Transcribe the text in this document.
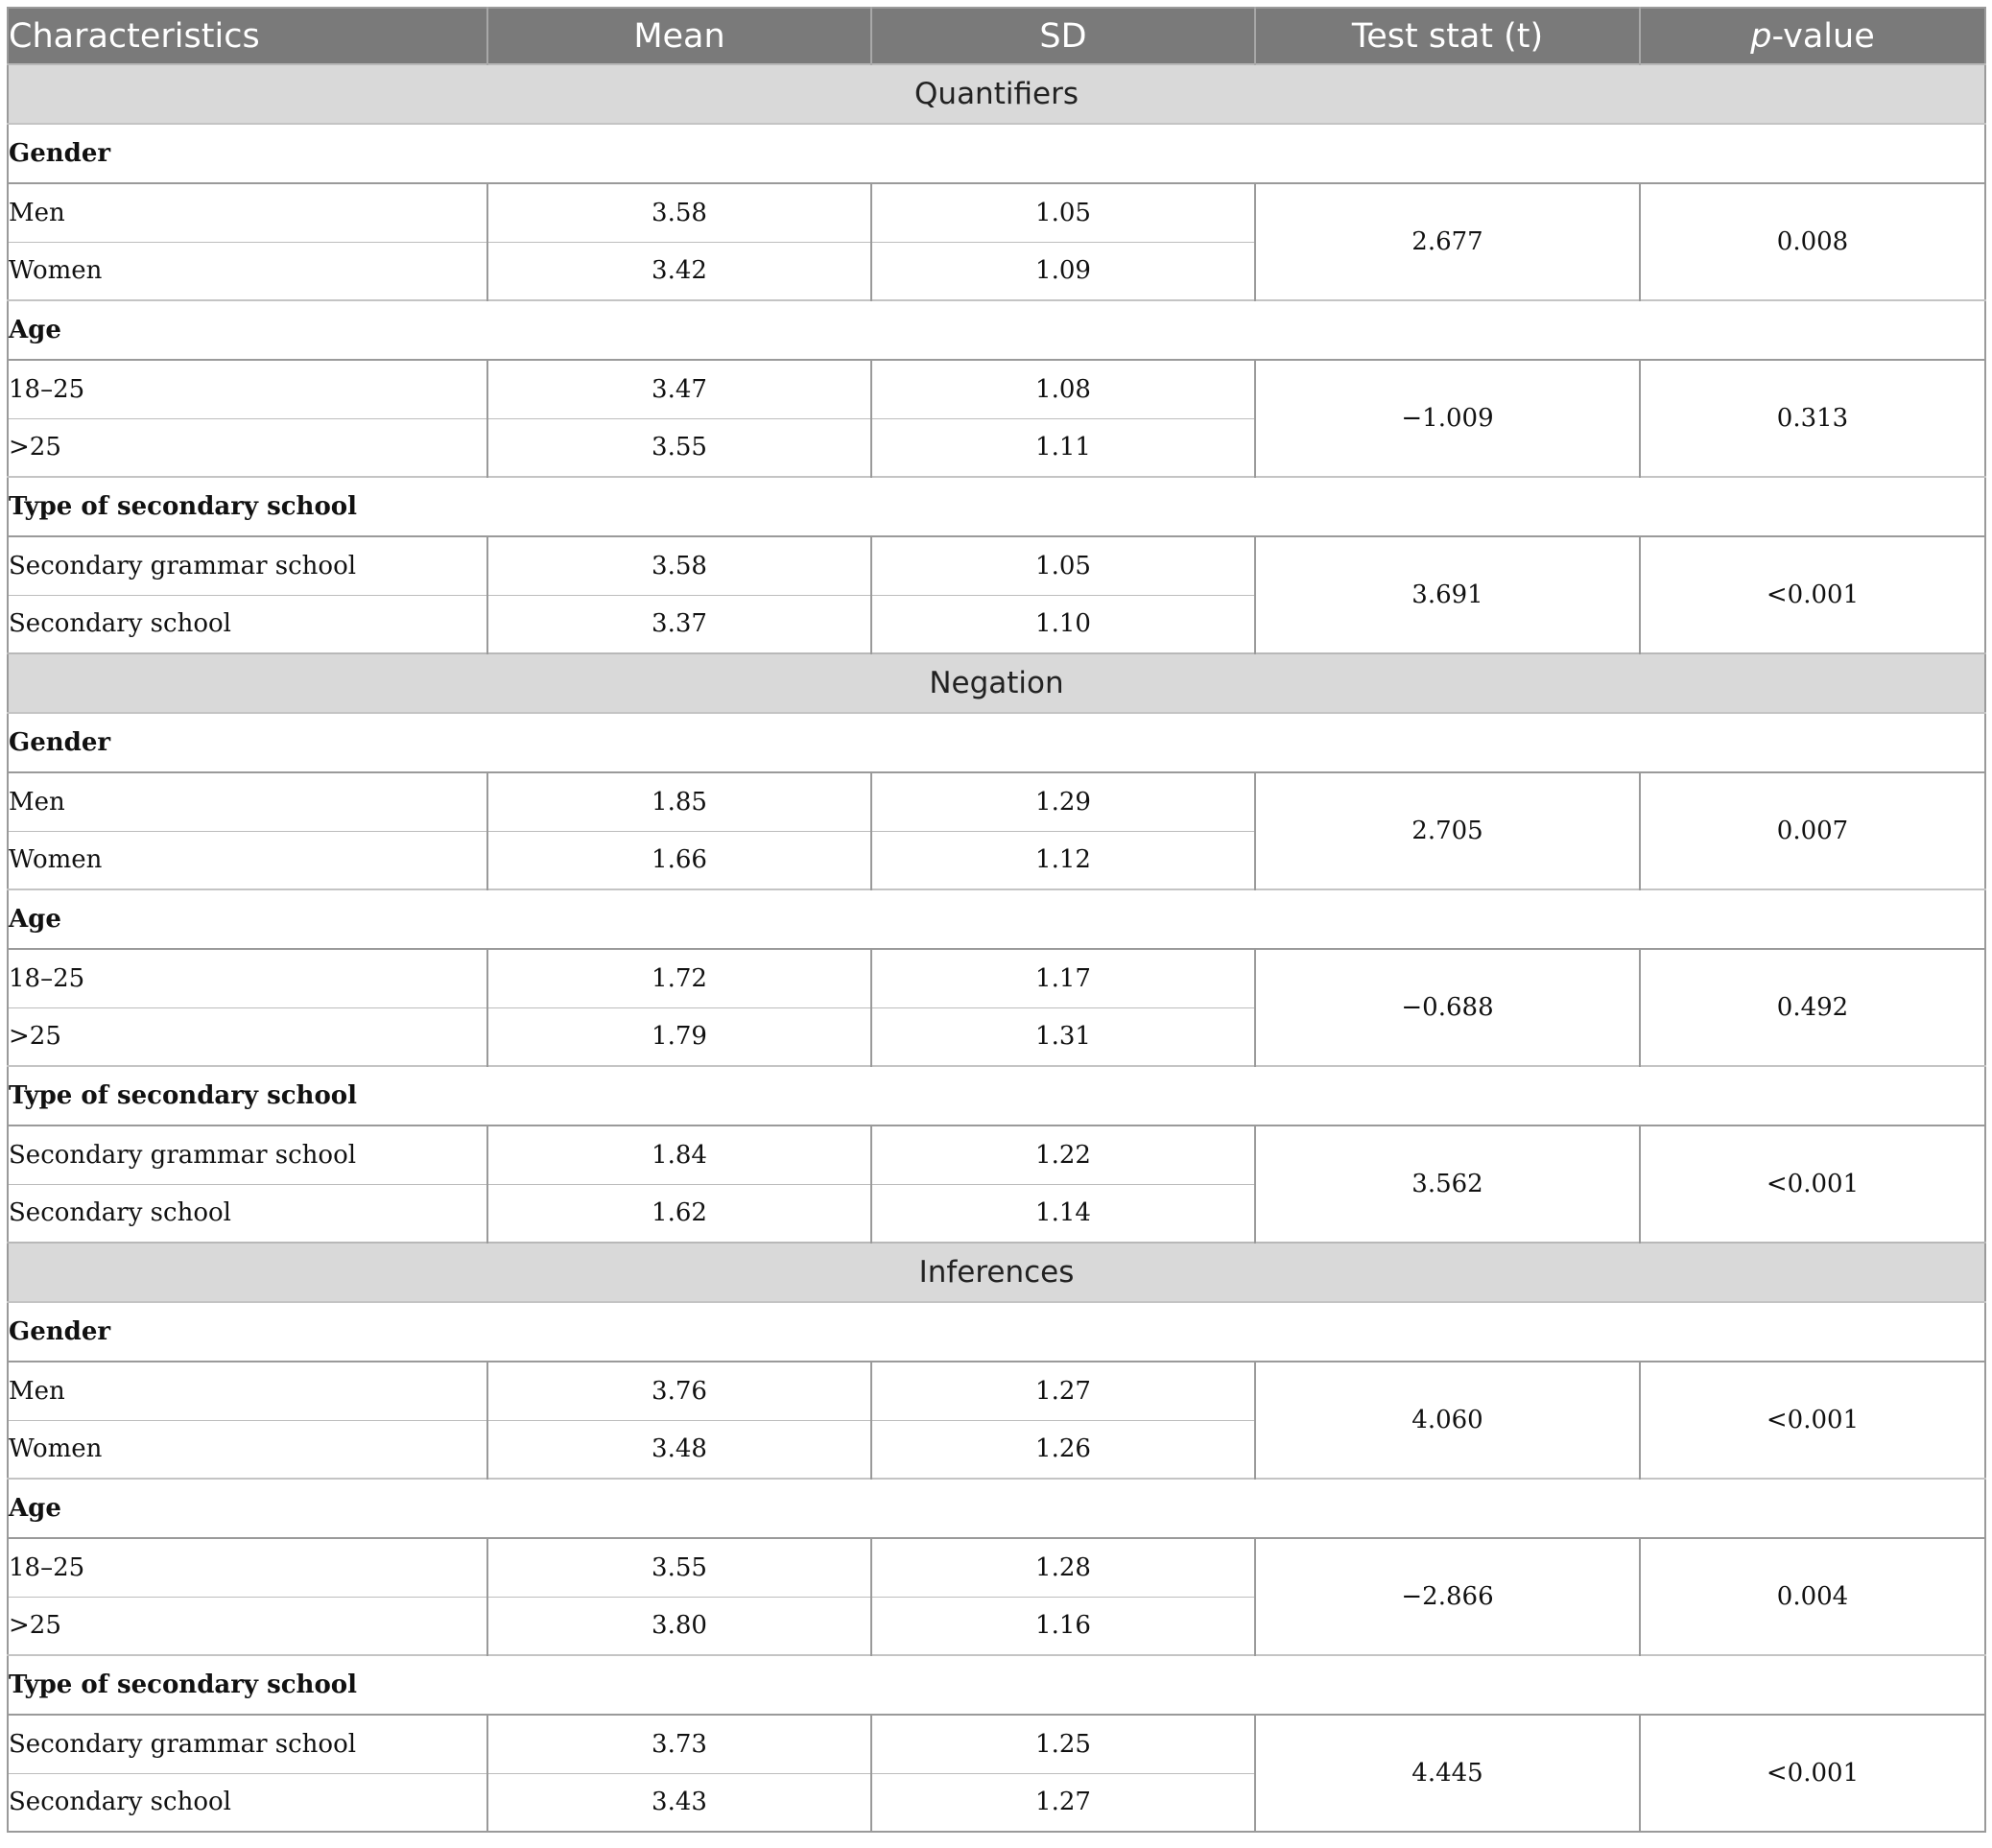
Characteristics	Mean	SD	Test stat (t)	p-value
Quantifiers				
Gender				
Men	3.58	1.05	2.677	0.008
Women	3.42	1.09		
Age				
18–25	3.47	1.08	−1.009	0.313
>25	3.55	1.11		
Type of secondary school				
Secondary grammar school	3.58	1.05	3.691	<0.001
Secondary school	3.37	1.10		
Negation				
Gender				
Men	1.85	1.29	2.705	0.007
Women	1.66	1.12		
Age				
18–25	1.72	1.17	−0.688	0.492
>25	1.79	1.31		
Type of secondary school				
Secondary grammar school	1.84	1.22	3.562	<0.001
Secondary school	1.62	1.14		
Inferences				
Gender				
Men	3.76	1.27	4.060	<0.001
Women	3.48	1.26		
Age				
18–25	3.55	1.28	−2.866	0.004
>25	3.80	1.16		
Type of secondary school				
Secondary grammar school	3.73	1.25	4.445	<0.001
Secondary school	3.43	1.27		
